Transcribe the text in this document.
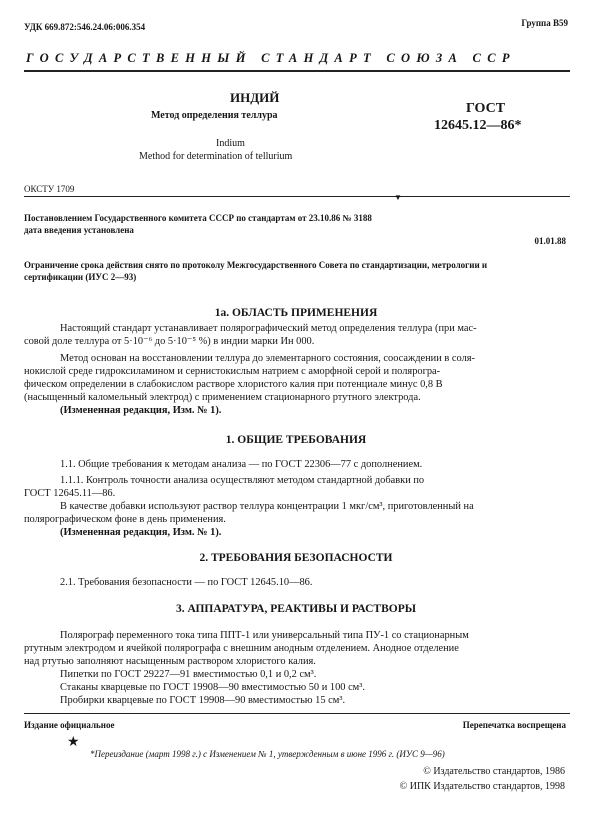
УДК 669.872:546.24.06:006.354	Группа В59
ГОСУДАРСТВЕННЫЙ СТАНДАРТ СОЮЗА ССР
ИНДИЙ
Метод определения теллура
Indium
Method for determination of tellurium
ГОСТ
12645.12—86*
ОКСТУ 1709
▼
Постановлением Государственного комитета СССР по стандартам от 23.10.86 № 3188
дата введения установлена
01.01.88
Ограничение срока действия снято по протоколу Межгосударственного Совета по стандартизации, метрологии и
сертификации (ИУС 2—93)
1а. ОБЛАСТЬ ПРИМЕНЕНИЯ
Настоящий стандарт устанавливает полярографический метод определения теллура (при мас-
совой доле теллура от 5·10⁻⁶ до 5·10⁻⁵ %) в индии марки Ин 000.
Метод основан на восстановлении теллура до элементарного состояния, соосаждении в соля-
нокислой среде гидроксиламином и сернистокислым натрием с аморфной серой и полярогра-
фическом определении в слабокислом растворе хлористого калия при потенциале минус 0,8 В
(насыщенный каломельный электрод) с применением стационарного ртутного электрода.
(Измененная редакция, Изм. № 1).
1. ОБЩИЕ ТРЕБОВАНИЯ
1.1. Общие требования к методам анализа — по ГОСТ 22306—77 с дополнением.
1.1.1. Контроль точности анализа осуществляют методом стандартной добавки по
ГОСТ 12645.11—86.
В качестве добавки используют раствор теллура концентрации 1 мкг/см³, приготовленный на
полярографическом фоне в день применения.
(Измененная редакция, Изм. № 1).
2. ТРЕБОВАНИЯ БЕЗОПАСНОСТИ
2.1. Требования безопасности — по ГОСТ 12645.10—86.
3. АППАРАТУРА, РЕАКТИВЫ И РАСТВОРЫ
Полярограф переменного тока типа ППТ-1 или универсальный типа ПУ-1 со стационарным
ртутным электродом и ячейкой полярографа с внешним анодным отделением. Анодное отделение
над ртутью заполняют насыщенным раствором хлористого калия.
Пипетки по ГОСТ 29227—91 вместимостью 0,1 и 0,2 см³.
Стаканы кварцевые по ГОСТ 19908—90 вместимостью 50 и 100 см³.
Пробирки кварцевые по ГОСТ 19908—90 вместимостью 15 см³.
Издание официальное	Перепечатка воспрещена
★
*Переиздание (март 1998 г.) с Изменением № 1, утвержденным в июне 1996 г. (ИУС 9—96)
© Издательство стандартов, 1986
© ИПК Издательство стандартов, 1998
